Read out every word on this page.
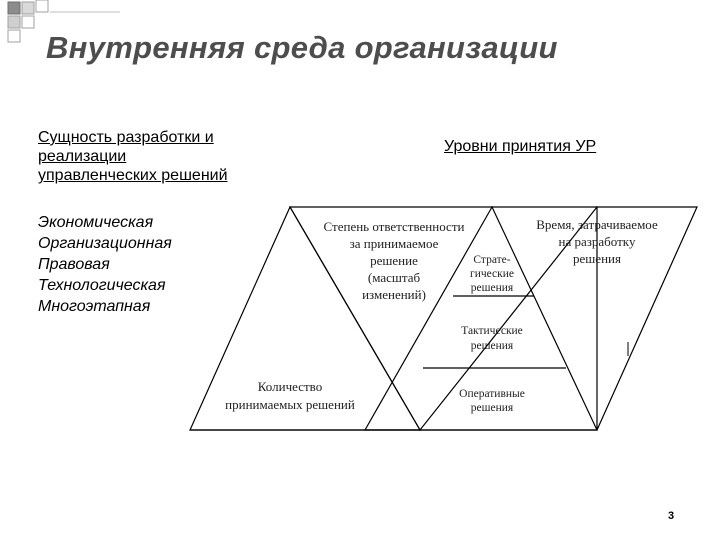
Внутренняя среда организации
Сущность разработки и
реализации
управленческих решений
Уровни принятия УР
Экономическая
Организационная
Правовая
Технологическая
Многоэтапная
Степень ответственности
за принимаемое
решение
(масштаб
изменений)
Время, затрачиваемое
на разработку
решения
Страте-
гические
решения
Тактические
решения
Оперативные
решения
Количество
принимаемых решений
3
